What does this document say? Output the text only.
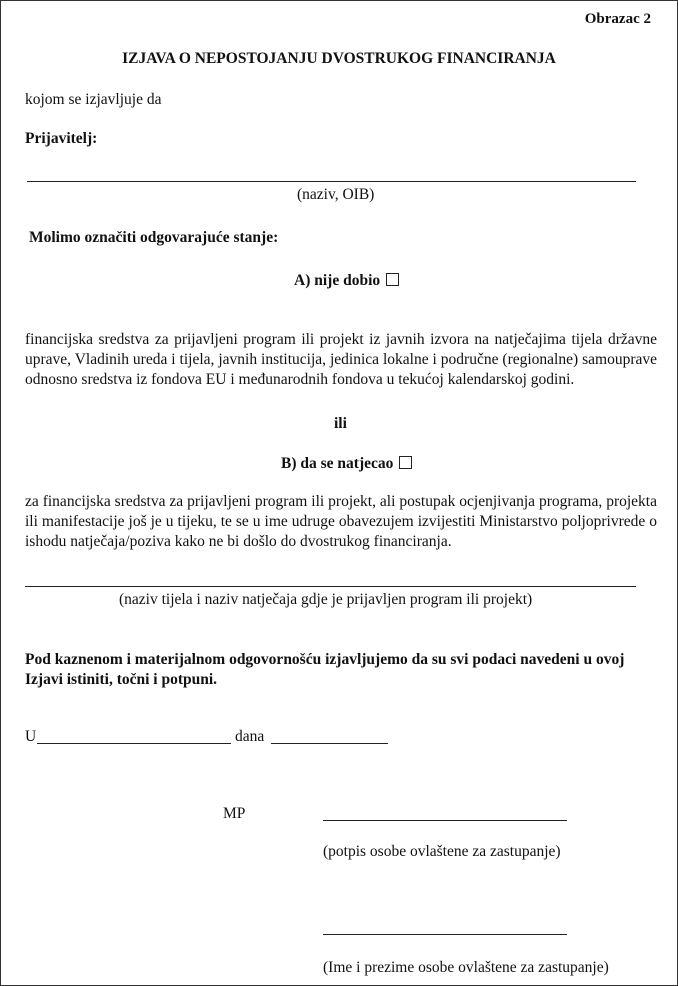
Obrazac 2
IZJAVA O NEPOSTOJANJU DVOSTRUKOG FINANCIRANJA
kojom se izjavljuje da
Prijavitelj:
(naziv, OIB)
Molimo označiti odgovarajuće stanje:
A) nije dobio
financijska sredstva za prijavljeni program ili projekt iz javnih izvora na natječajima tijela državne uprave, Vladinih ureda i tijela, javnih institucija, jedinica lokalne i područne (regionalne) samouprave odnosno sredstva iz fondova EU i međunarodnih fondova u tekućoj kalendarskoj godini.
ili
B) da se natjecao
za financijska sredstva za prijavljeni program ili projekt, ali postupak ocjenjivanja programa, projekta ili manifestacije još je u tijeku, te se u ime udruge obavezujem izvijestiti Ministarstvo poljoprivrede o ishodu natječaja/poziva kako ne bi došlo do dvostrukog financiranja.
(naziv tijela i naziv natječaja gdje je prijavljen program ili projekt)
Pod kaznenom i materijalnom odgovornošću izjavljujemo da su svi podaci navedeni u ovoj Izjavi istiniti, točni i potpuni.
U	dana
MP
(potpis osobe ovlaštene za zastupanje)
(Ime i prezime osobe ovlaštene za zastupanje)
